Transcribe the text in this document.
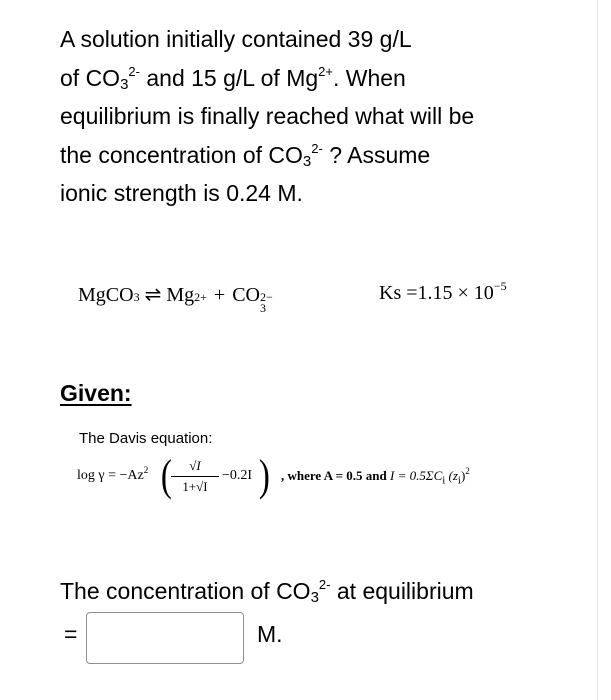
A solution initially contained 39 g/L
of $CO_3^{2-}$ and 15 g/L of $Mg^{2+}$. When
equilibrium is finally reached what will be
the concentration of $CO_3^{2-}$ ? Assume
ionic strength is 0.24 M.
MgCO 3 ⇌ Mg 2+ + CO 2−
3
$Ks =1.15 \times 10^{-5}$
Given:
The Davis equation:
$\log \gamma = -Az^2$ (	√I
1+√I
−0.2I ) , where A = 0.5 and $I = 0.5\Sigma C_i$ $(z_i)^2$
The concentration of $CO_3^{2-}$ at equilibrium
=	M.
